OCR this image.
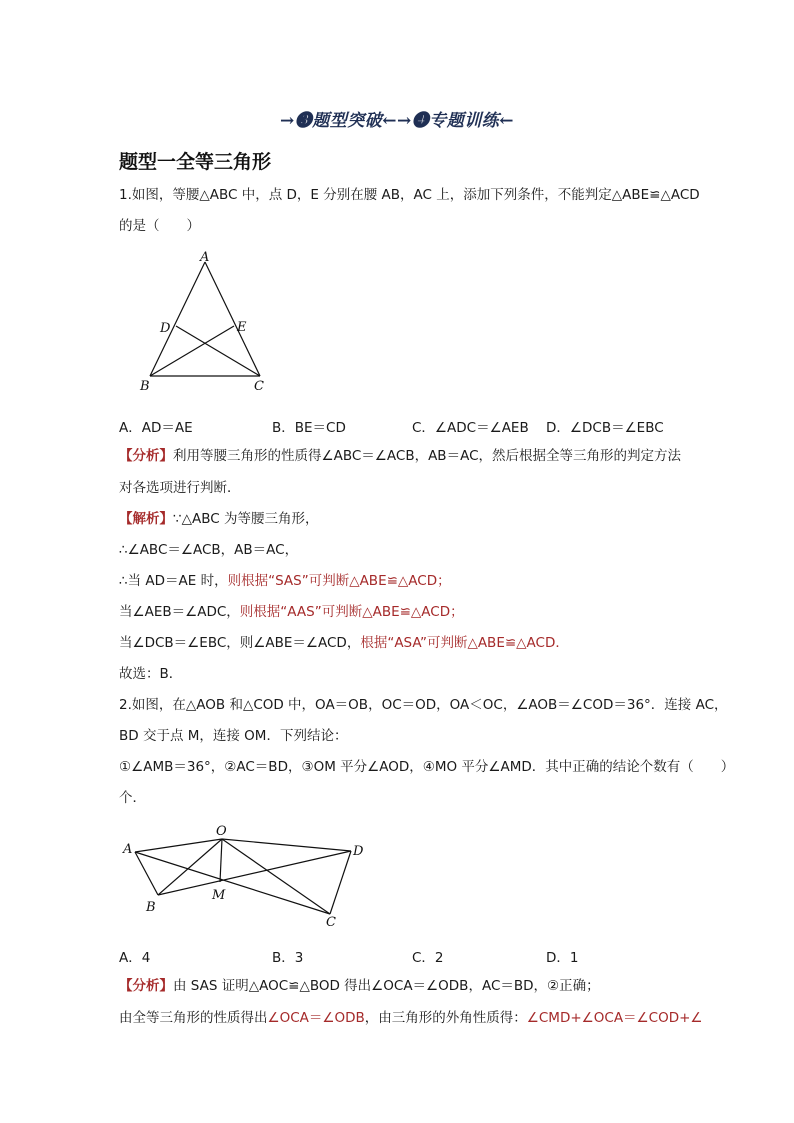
→❸题型突破←→❹专题训练←
题型一全等三角形
1.如图，等腰△ABC 中，点 D，E 分别在腰 AB，AC 上，添加下列条件，不能判定△ABE≌△ACD
的是（　　）
A
D	E
B	C
A．AD＝AE	B．BE＝CD	C．∠ADC＝∠AEB D．∠DCB＝∠EBC
【分析】利用等腰三角形的性质得∠ABC＝∠ACB，AB＝AC，然后根据全等三角形的判定方法
对各选项进行判断．
【解析】∵△ABC 为等腰三角形，
∴∠ABC＝∠ACB，AB＝AC，
∴当 AD＝AE 时，则根据“SAS”可判断△ABE≌△ACD；
当∠AEB＝∠ADC，则根据“AAS”可判断△ABE≌△ACD；
当∠DCB＝∠EBC，则∠ABE＝∠ACD，根据“ASA”可判断△ABE≌△ACD．
故选：B．
2.如图，在△AOB 和△COD 中，OA＝OB，OC＝OD，OA＜OC，∠AOB＝∠COD＝36°．连接 AC，
BD 交于点 M，连接 OM．下列结论：
①∠AMB＝36°，②AC＝BD，③OM 平分∠AOD，④MO 平分∠AMD．其中正确的结论个数有（　　）
个．
A
O
D
B
M
C
A．4	B．3	C．2	D．1
【分析】由 SAS 证明△AOC≌△BOD 得出∠OCA＝∠ODB，AC＝BD，②正确；
由全等三角形的性质得出∠OCA＝∠ODB，由三角形的外角性质得：∠CMD+∠OCA＝∠COD+∠
